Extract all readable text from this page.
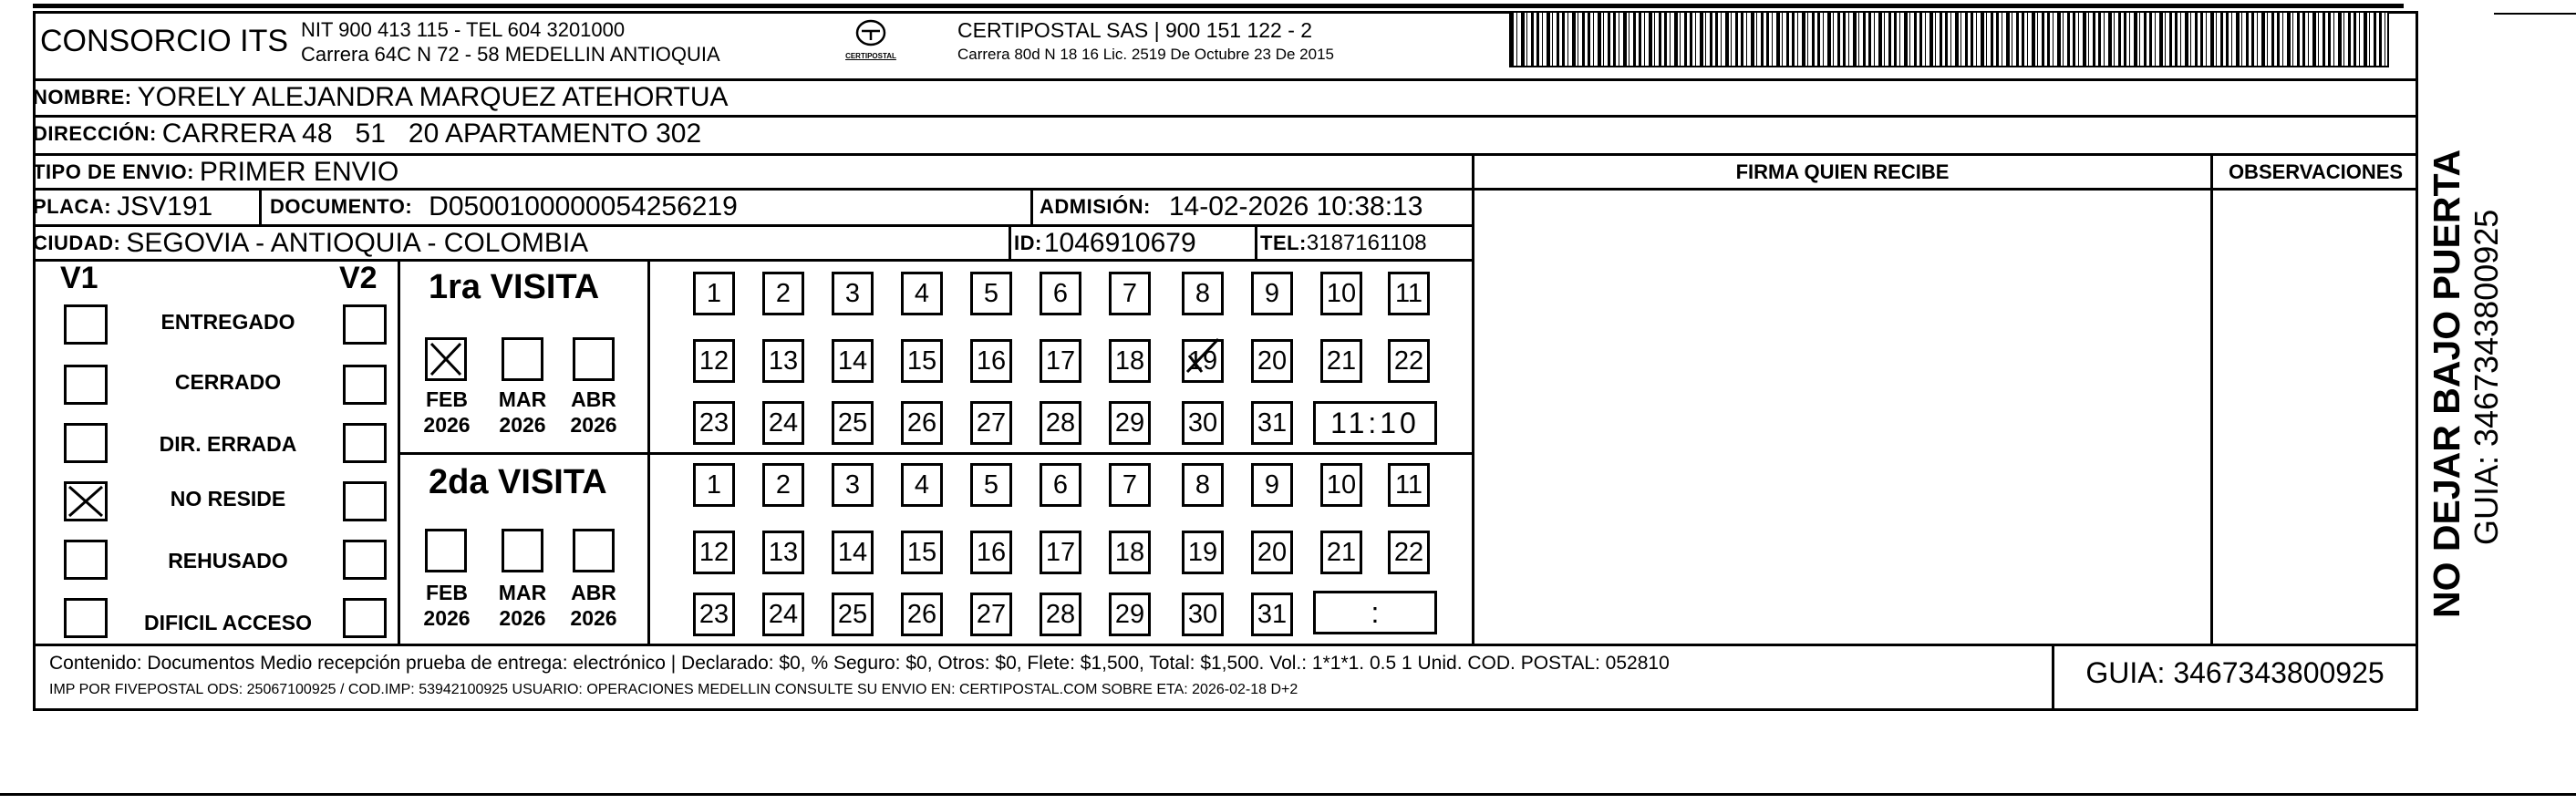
CONSORCIO ITS NIT 900 413 115 - TEL 604 3201000
Carrera 64C N 72 - 58 MEDELLIN ANTIOQUIA	CERTIPOSTAL
CERTIPOSTAL SAS | 900 151 122 - 2
Carrera 80d N 18 16 Lic. 2519 De Octubre 23 De 2015
NOMBRE: YORELY ALEJANDRA MARQUEZ ATEHORTUA
DIRECCIÓN: CARRERA 48   51   20 APARTAMENTO 302
TIPO DE ENVIO: PRIMER ENVIO
PLACA: JSV191	DOCUMENTO: D0500100000054256219	ADMISIÓN: 14-02-2026 10:38:13
CIUDAD: SEGOVIA - ANTIOQUIA - COLOMBIA	ID: 1046910679	TEL: 3187161108
FIRMA QUIEN RECIBE	OBSERVACIONES
V1	V2
ENTREGADO
CERRADO
DIR. ERRADA
NO RESIDE
REHUSADO
DIFICIL ACCESO
1ra VISITA
FEB
2026
MAR
2026
ABR
2026
1	2	3	4	5	6	7	8	9	10 11
12 13 14 15 16 17 18 19 20 21 22
23 24 25 26 27 28 29 30 31	11:10
2da VISITA
FEB
2026
MAR
2026
ABR
2026
1	2	3	4	5	6	7	8	9	10 11
12 13 14 15 16 17 18 19 20 21 22
23 24 25 26 27 28 29 30 31	:
Contenido: Documentos Medio recepción prueba de entrega: electrónico | Declarado: $0, % Seguro: $0, Otros: $0, Flete: $1,500, Total: $1,500. Vol.: 1*1*1. 0.5 1 Unid. COD. POSTAL: 052810
IMP POR FIVEPOSTAL ODS: 25067100925 / COD.IMP: 53942100925 USUARIO: OPERACIONES MEDELLIN CONSULTE SU ENVIO EN: CERTIPOSTAL.COM SOBRE ETA: 2026-02-18 D+2
GUIA: 3467343800925
NO DEJAR BAJO PUERTA GUIA: 3467343800925
